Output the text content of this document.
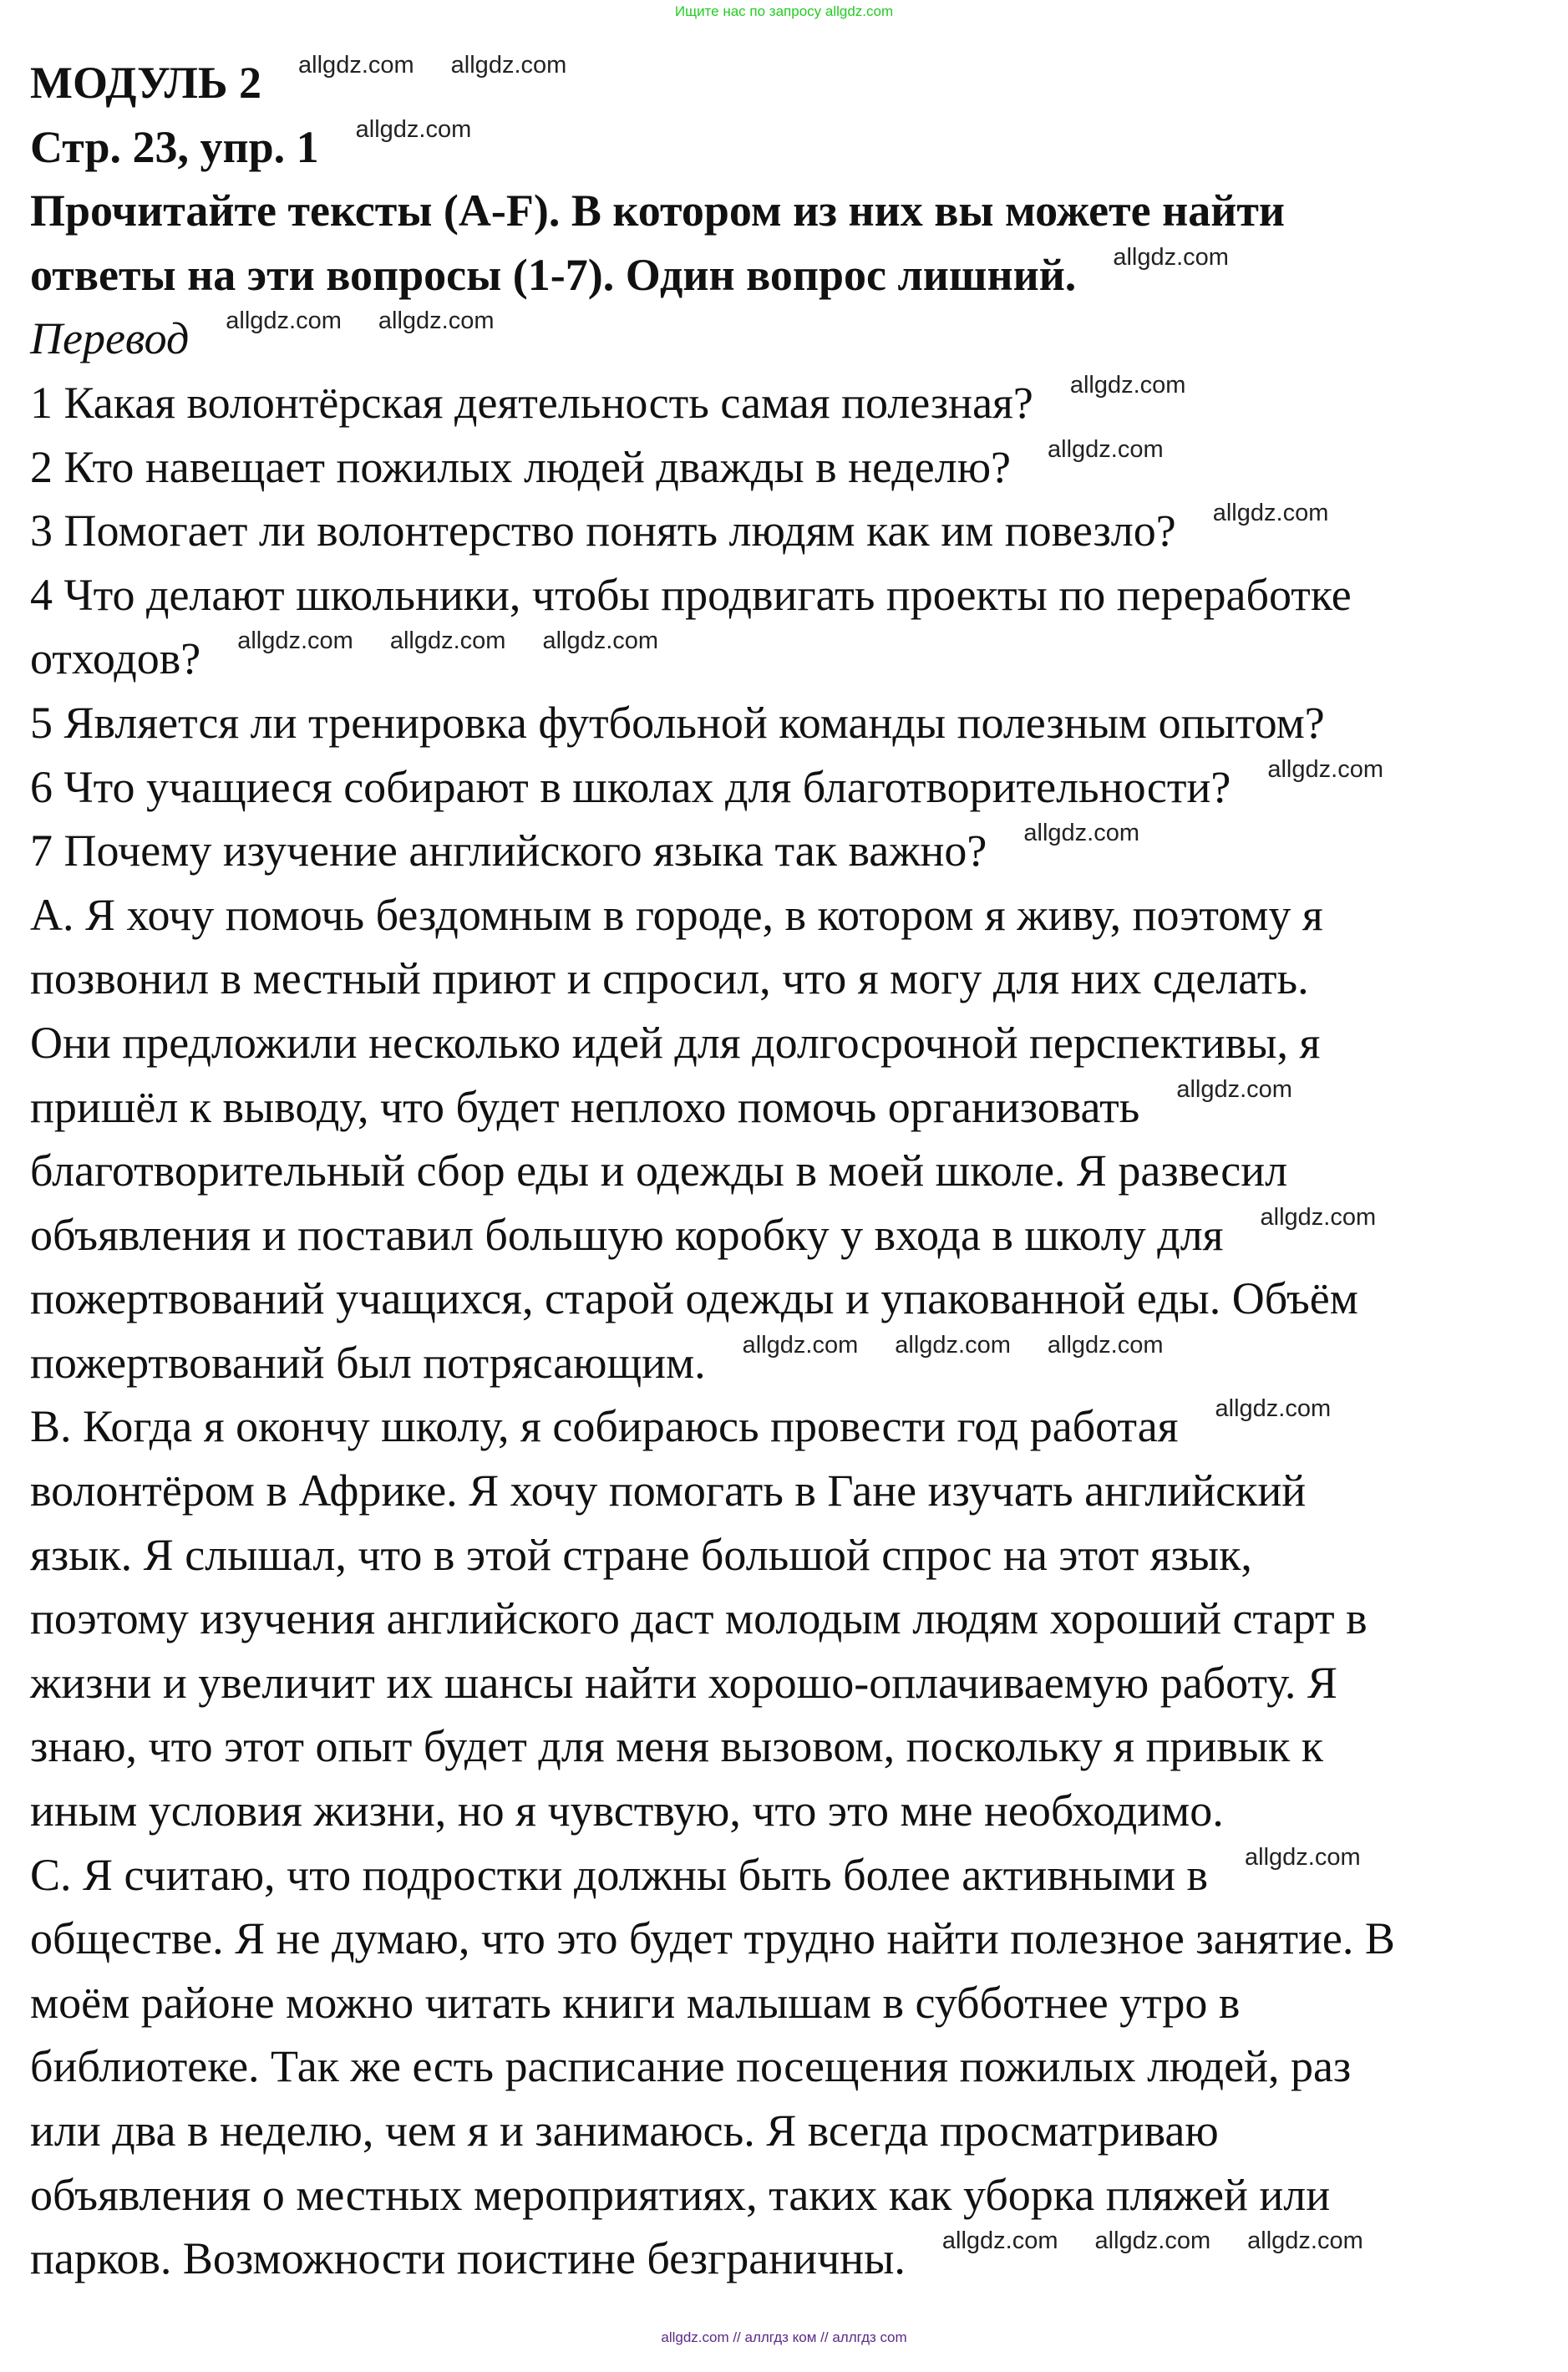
Ищите нас по запросу allgdz.com
МОДУЛЬ 2 allgdz.com allgdz.com
Стр. 23, упр. 1 allgdz.com
Прочитайте тексты (A-F). В котором из них вы можете найти
ответы на эти вопросы (1-7). Один вопрос лишний. allgdz.com
Перевод allgdz.com allgdz.com
1 Какая волонтёрская деятельность самая полезная? allgdz.com
2 Кто навещает пожилых людей дважды в неделю? allgdz.com
3 Помогает ли волонтерство понять людям как им повезло? allgdz.com
4 Что делают школьники, чтобы продвигать проекты по переработке
отходов? allgdz.com allgdz.com allgdz.com
5 Является ли тренировка футбольной команды полезным опытом?
6 Что учащиеся собирают в школах для благотворительности? allgdz.com
7 Почему изучение английского языка так важно? allgdz.com
A. Я хочу помочь бездомным в городе, в котором я живу, поэтому я
позвонил в местный приют и спросил, что я могу для них сделать.
Они предложили несколько идей для долгосрочной перспективы, я
пришёл к выводу, что будет неплохо помочь организовать allgdz.com
благотворительный сбор еды и одежды в моей школе. Я развесил
объявления и поставил большую коробку у входа в школу для allgdz.com
пожертвований учащихся, старой одежды и упакованной еды. Объём
пожертвований был потрясающим. allgdz.com allgdz.com allgdz.com
B. Когда я окончу школу, я собираюсь провести год работая allgdz.com
волонтёром в Африке. Я хочу помогать в Гане изучать английский
язык. Я слышал, что в этой стране большой спрос на этот язык,
поэтому изучения английского даст молодым людям хороший старт в
жизни и увеличит их шансы найти хорошо-оплачиваемую работу. Я
знаю, что этот опыт будет для меня вызовом, поскольку я привык к
иным условия жизни, но я чувствую, что это мне необходимо.
C. Я считаю, что подростки должны быть более активными в allgdz.com
обществе. Я не думаю, что это будет трудно найти полезное занятие. В
моём районе можно читать книги малышам в субботнее утро в
библиотеке. Так же есть расписание посещения пожилых людей, раз
или два в неделю, чем я и занимаюсь. Я всегда просматриваю
объявления о местных мероприятиях, таких как уборка пляжей или
парков. Возможности поистине безграничны. allgdz.com allgdz.com allgdz.com
allgdz.com // аллгдз ком // аллгдз com
